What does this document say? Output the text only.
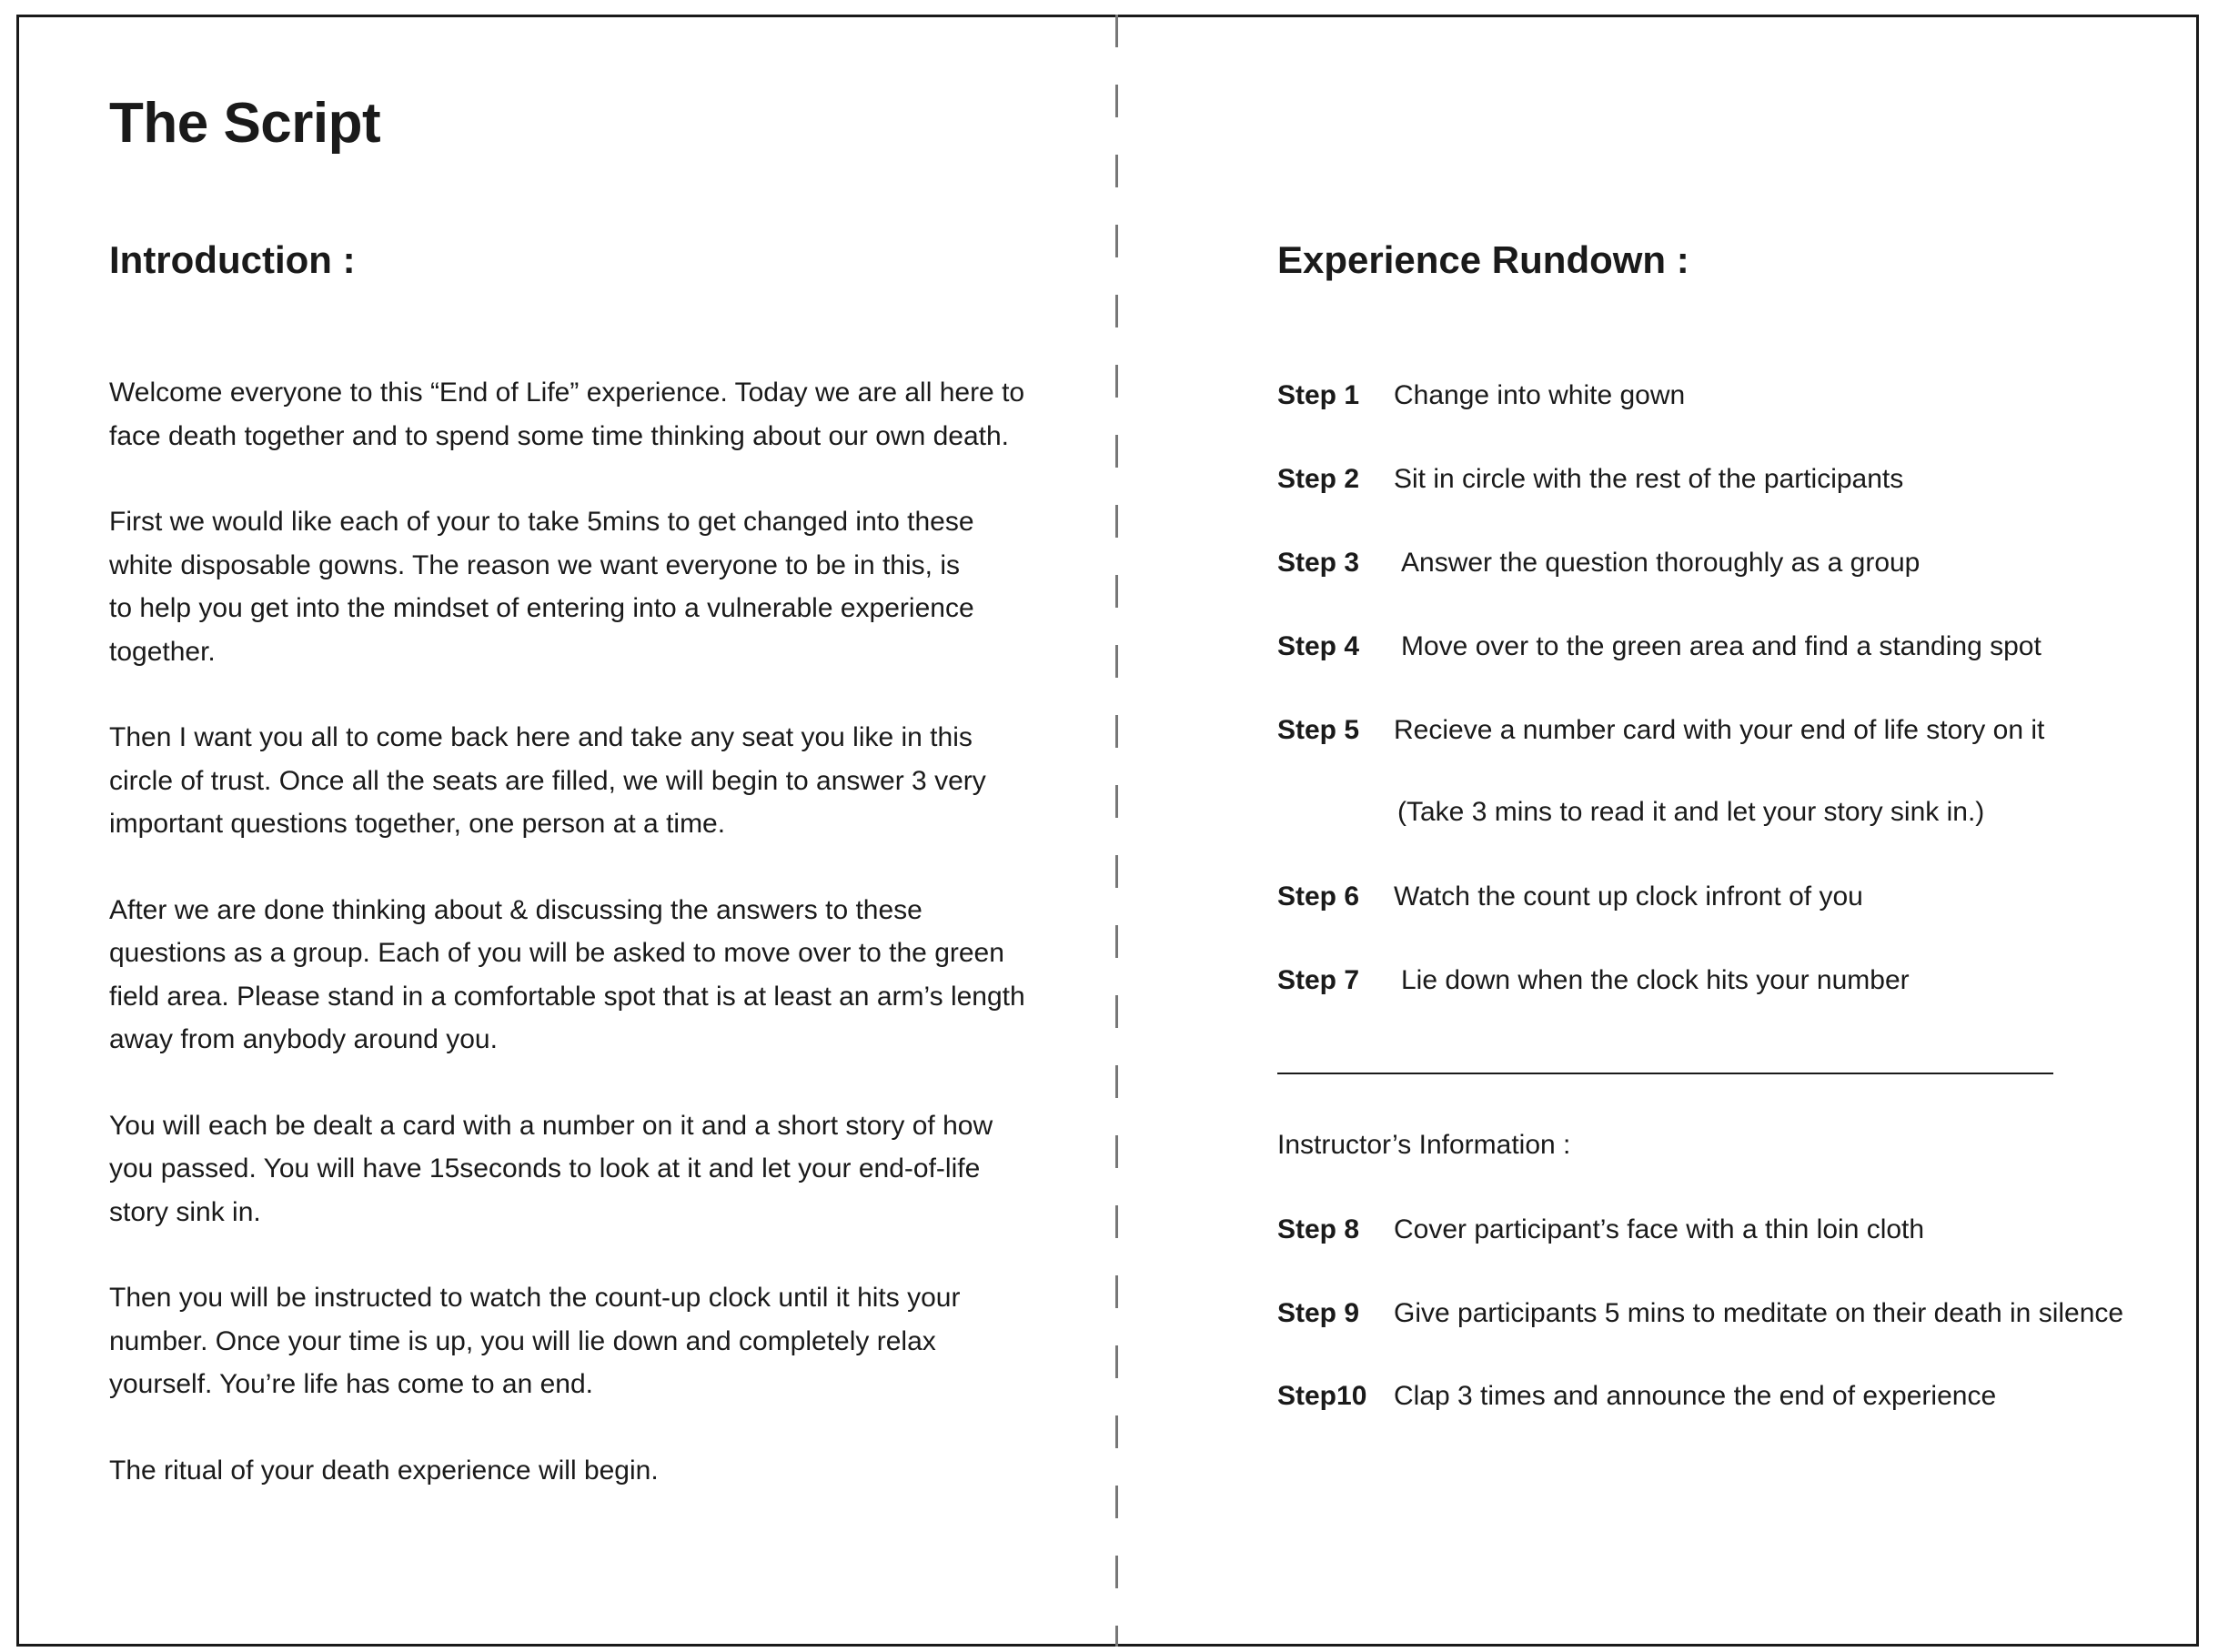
The Script
Introduction :

Welcome everyone to this “End of Life” experience. Today we are all here to
face death together and to spend some time thinking about our own death.

First we would like each of your to take 5mins to get changed into these
white disposable gowns. The reason we want everyone to be in this, is
to help you get into the mindset of entering into a vulnerable experience
together.

Then I want you all to come back here and take any seat you like in this
circle of trust. Once all the seats are filled, we will begin to answer 3 very
important questions together, one person at a time.

After we are done thinking about & discussing the answers to these
questions as a group. Each of you will be asked to move over to the green
field area. Please stand in a comfortable spot that is at least an arm’s length
away from anybody around you.

You will each be dealt a card with a number on it and a short story of how
you passed. You will have 15seconds to look at it and let your end-of-life
story sink in.

Then you will be instructed to watch the count-up clock until it hits your
number. Once your time is up, you will lie down and completely relax
yourself. You’re life has come to an end.

The ritual of your death experience will begin.

Experience Rundown :
Step 1 Change into white gown
Step 2 Sit in circle with the rest of the participants
Step 3 Answer the question thoroughly as a group
Step 4 Move over to the green area and find a standing spot
Step 5 Recieve a number card with your end of life story on it
(Take 3 mins to read it and let your story sink in.)
Step 6 Watch the count up clock infront of you
Step 7 Lie down when the clock hits your number
Instructor’s Information :
Step 8 Cover participant’s face with a thin loin cloth
Step 9 Give participants 5 mins to meditate on their death in silence
Step10 Clap 3 times and announce the end of experience
